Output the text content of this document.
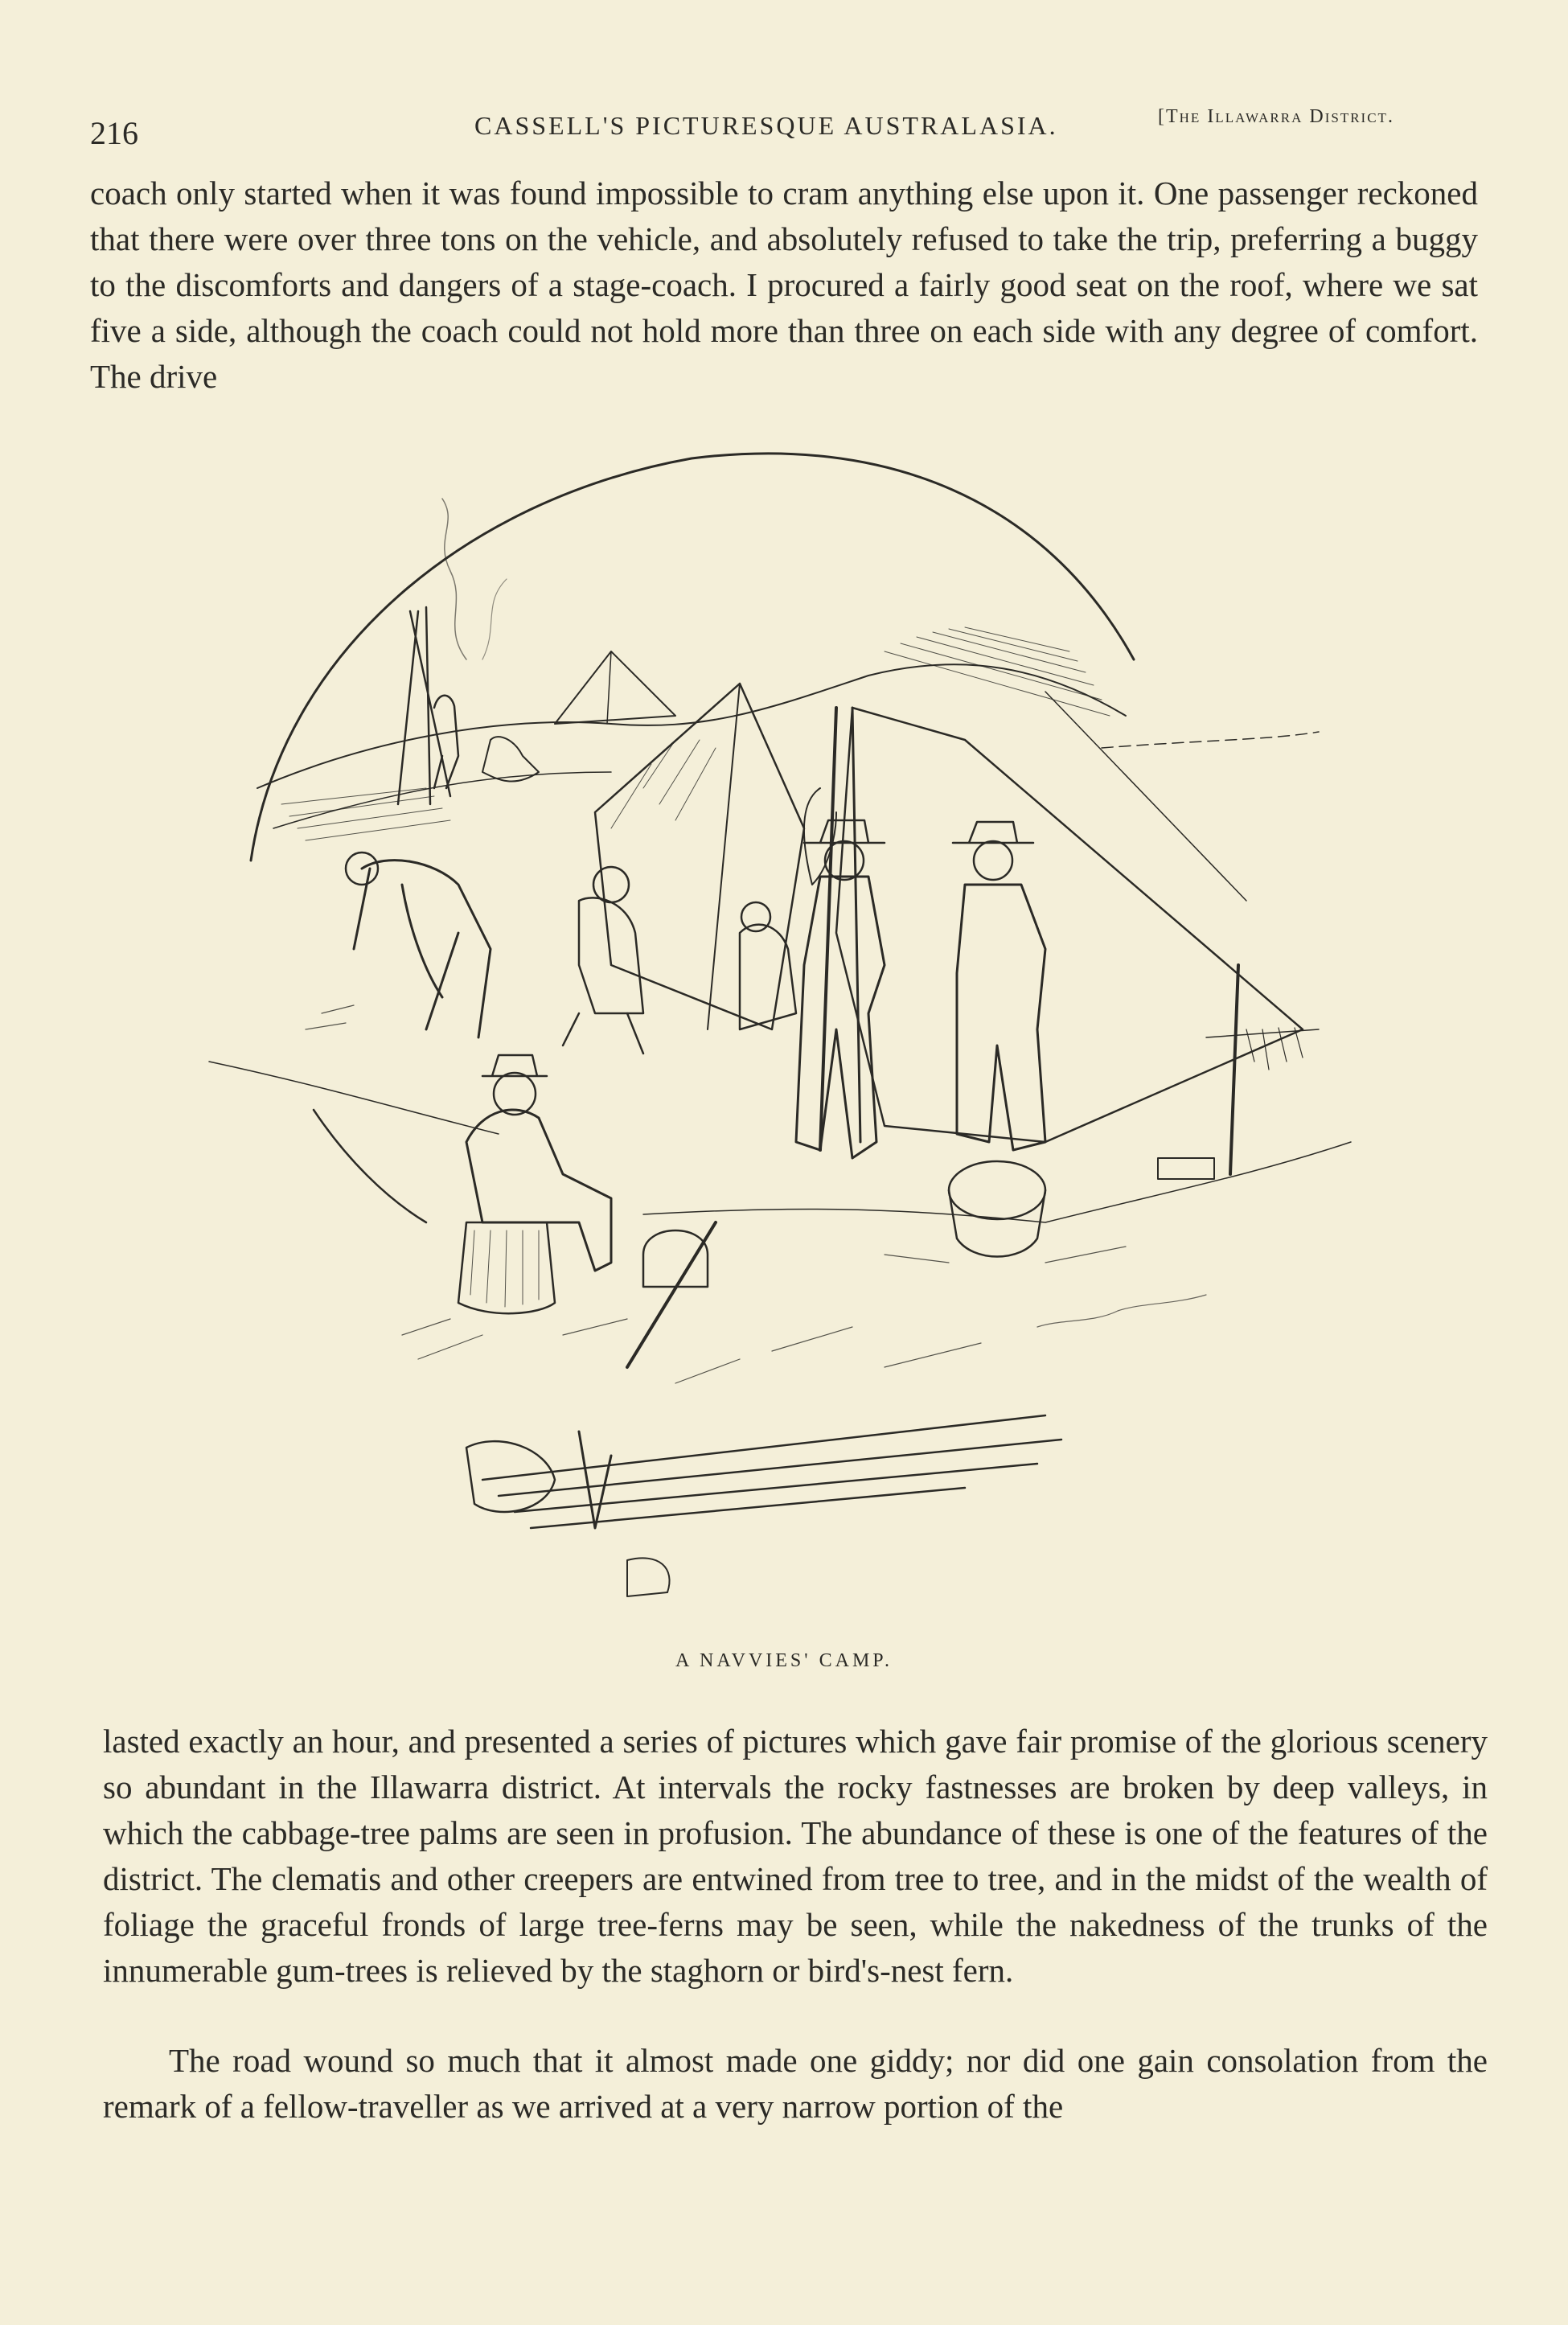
216	CASSELL'S PICTURESQUE AUSTRALASIA.	[The Illawarra District.

coach only started when it was found impossible to cram anything else upon it. One passenger reckoned that there were over three tons on the vehicle, and absolutely refused to take the trip, preferring a buggy to the discomforts and dangers of a stage-coach. I procured a fairly good seat on the roof, where we sat five a side, although the coach could not hold more than three on each side with any degree of comfort. The drive

A NAVVIES' CAMP.

lasted exactly an hour, and presented a series of pictures which gave fair promise of the glorious scenery so abundant in the Illawarra district. At intervals the rocky fastnesses are broken by deep valleys, in which the cabbage-tree palms are seen in profusion. The abundance of these is one of the features of the district. The clematis and other creepers are entwined from tree to tree, and in the midst of the wealth of foliage the graceful fronds of large tree-ferns may be seen, while the nakedness of the trunks of the innumerable gum-trees is relieved by the staghorn or bird's-nest fern.

The road wound so much that it almost made one giddy; nor did one gain consolation from the remark of a fellow-traveller as we arrived at a very narrow portion of the
